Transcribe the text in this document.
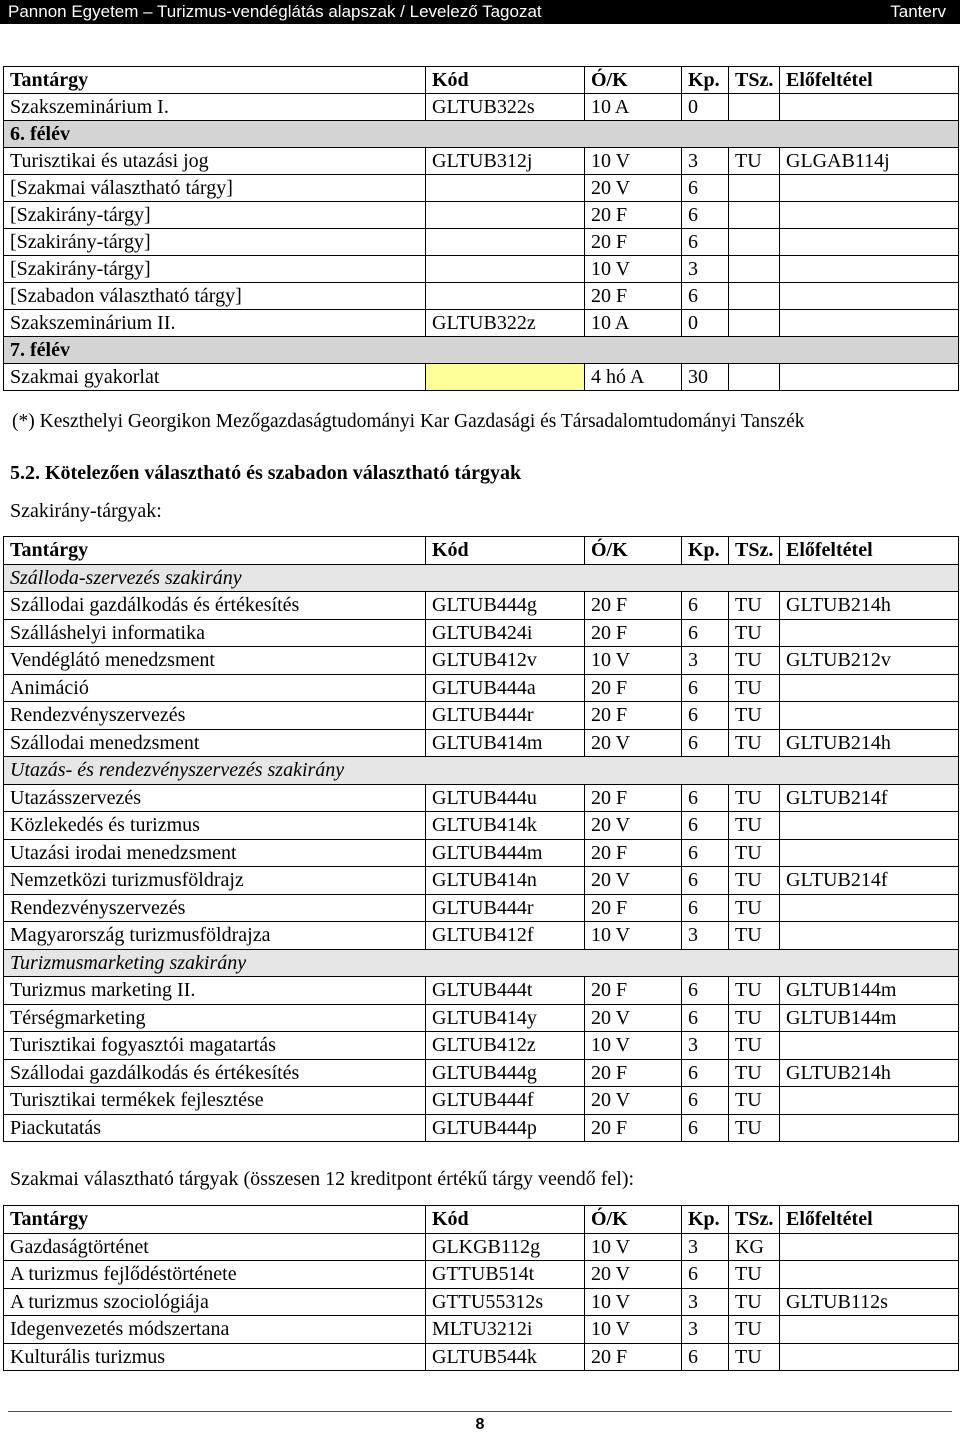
Pannon Egyetem – Turizmus-vendéglátás alapszak / Levelező Tagozat	Tanterv
Tantárgy	Kód	Ó/K	Kp.	TSz.	Előfeltétel
Szakszeminárium I.	GLTUB322s	10 A	0		
6. félév					
Turisztikai és utazási jog	GLTUB312j	10 V	3	TU	GLGAB114j
[Szakmai választható tárgy]		20 V	6		
[Szakirány-tárgy]		20 F	6		
[Szakirány-tárgy]		20 F	6		
[Szakirány-tárgy]		10 V	3		
[Szabadon választható tárgy]		20 F	6		
Szakszeminárium II.	GLTUB322z	10 A	0		
7. félév					
Szakmai gyakorlat		4 hó A	30		
(*) Keszthelyi Georgikon Mezőgazdaságtudományi Kar Gazdasági és Társadalomtudományi Tanszék
5.2. Kötelezően választható és szabadon választható tárgyak
Szakirány-tárgyak:
Tantárgy	Kód	Ó/K	Kp.	TSz.	Előfeltétel
Szálloda-szervezés szakirány					
Szállodai gazdálkodás és értékesítés	GLTUB444g	20 F	6	TU	GLTUB214h
Szálláshelyi informatika	GLTUB424i	20 F	6	TU	
Vendéglátó menedzsment	GLTUB412v	10 V	3	TU	GLTUB212v
Animáció	GLTUB444a	20 F	6	TU	
Rendezvényszervezés	GLTUB444r	20 F	6	TU	
Szállodai menedzsment	GLTUB414m	20 V	6	TU	GLTUB214h
Utazás- és rendezvényszervezés szakirány					
Utazásszervezés	GLTUB444u	20 F	6	TU	GLTUB214f
Közlekedés és turizmus	GLTUB414k	20 V	6	TU	
Utazási irodai menedzsment	GLTUB444m	20 F	6	TU	
Nemzetközi turizmusföldrajz	GLTUB414n	20 V	6	TU	GLTUB214f
Rendezvényszervezés	GLTUB444r	20 F	6	TU	
Magyarország turizmusföldrajza	GLTUB412f	10 V	3	TU	
Turizmusmarketing szakirány					
Turizmus marketing II.	GLTUB444t	20 F	6	TU	GLTUB144m
Térségmarketing	GLTUB414y	20 V	6	TU	GLTUB144m
Turisztikai fogyasztói magatartás	GLTUB412z	10 V	3	TU	
Szállodai gazdálkodás és értékesítés	GLTUB444g	20 F	6	TU	GLTUB214h
Turisztikai termékek fejlesztése	GLTUB444f	20 V	6	TU	
Piackutatás	GLTUB444p	20 F	6	TU	
Szakmai választható tárgyak (összesen 12 kreditpont értékű tárgy veendő fel):
Tantárgy	Kód	Ó/K	Kp.	TSz.	Előfeltétel
Gazdaságtörténet	GLKGB112g	10 V	3	KG	
A turizmus fejlődéstörténete	GTTUB514t	20 V	6	TU	
A turizmus szociológiája	GTTU55312s	10 V	3	TU	GLTUB112s
Idegenvezetés módszertana	MLTU3212i	10 V	3	TU	
Kulturális turizmus	GLTUB544k	20 F	6	TU	
8
